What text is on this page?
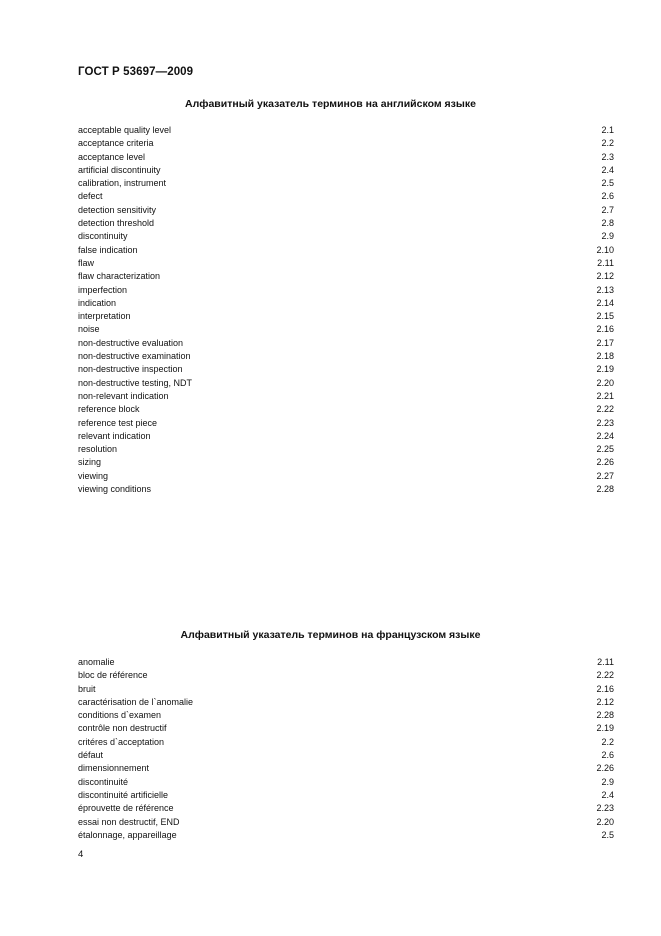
ГОСТ Р 53697—2009
Алфавитный указатель терминов на английском языке
acceptable quality level	2.1
acceptance criteria	2.2
acceptance level	2.3
artificial discontinuity	2.4
calibration, instrument	2.5
defect	2.6
detection sensitivity	2.7
detection threshold	2.8
discontinuity	2.9
false indication	2.10
flaw	2.11
flaw characterization	2.12
imperfection	2.13
indication	2.14
interpretation	2.15
noise	2.16
non-destructive evaluation	2.17
non-destructive examination	2.18
non-destructive inspection	2.19
non-destructive testing, NDT	2.20
non-relevant indication	2.21
reference block	2.22
reference test piece	2.23
relevant indication	2.24
resolution	2.25
sizing	2.26
viewing	2.27
viewing conditions	2.28
Алфавитный указатель терминов на французском языке
anomalie	2.11
bloc de référence	2.22
bruit	2.16
caractérisation de l`anomalie	2.12
conditions d`examen	2.28
contrôle non destructif	2.19
critéres d`acceptation	2.2
défaut	2.6
dimensionnement	2.26
discontinuité	2.9
discontinuité artificielle	2.4
éprouvette de référence	2.23
essai non destructif, END	2.20
étalonnage, appareillage	2.5
4
